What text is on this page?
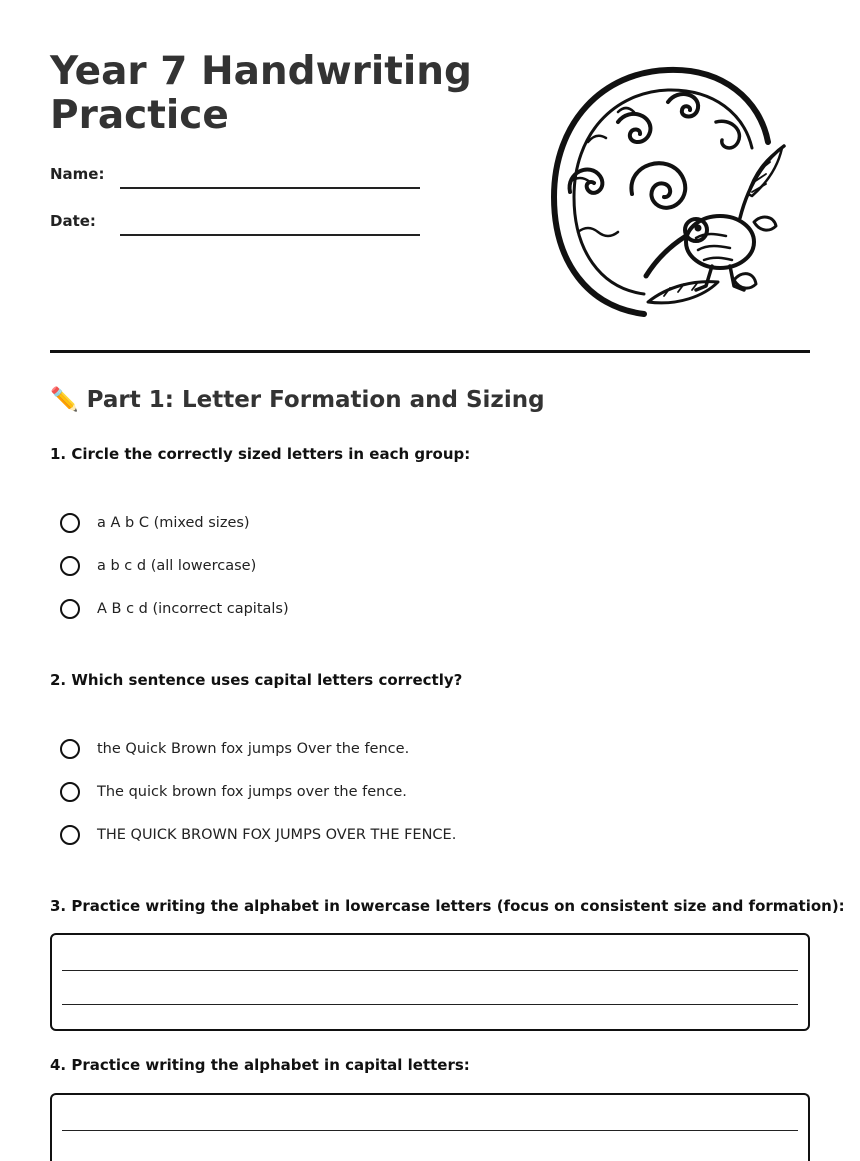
Year 7 Handwriting Practice
Name:
Date:
✏️ Part 1: Letter Formation and Sizing

1. Circle the correctly sized letters in each group:

a A b C (mixed sizes)
a b c d (all lowercase)
A B c d (incorrect capitals)

2. Which sentence uses capital letters correctly?

the Quick Brown fox jumps Over the fence.
The quick brown fox jumps over the fence.
THE QUICK BROWN FOX JUMPS OVER THE FENCE.

3. Practice writing the alphabet in lowercase letters (focus on consistent size and formation):

4. Practice writing the alphabet in capital letters:
